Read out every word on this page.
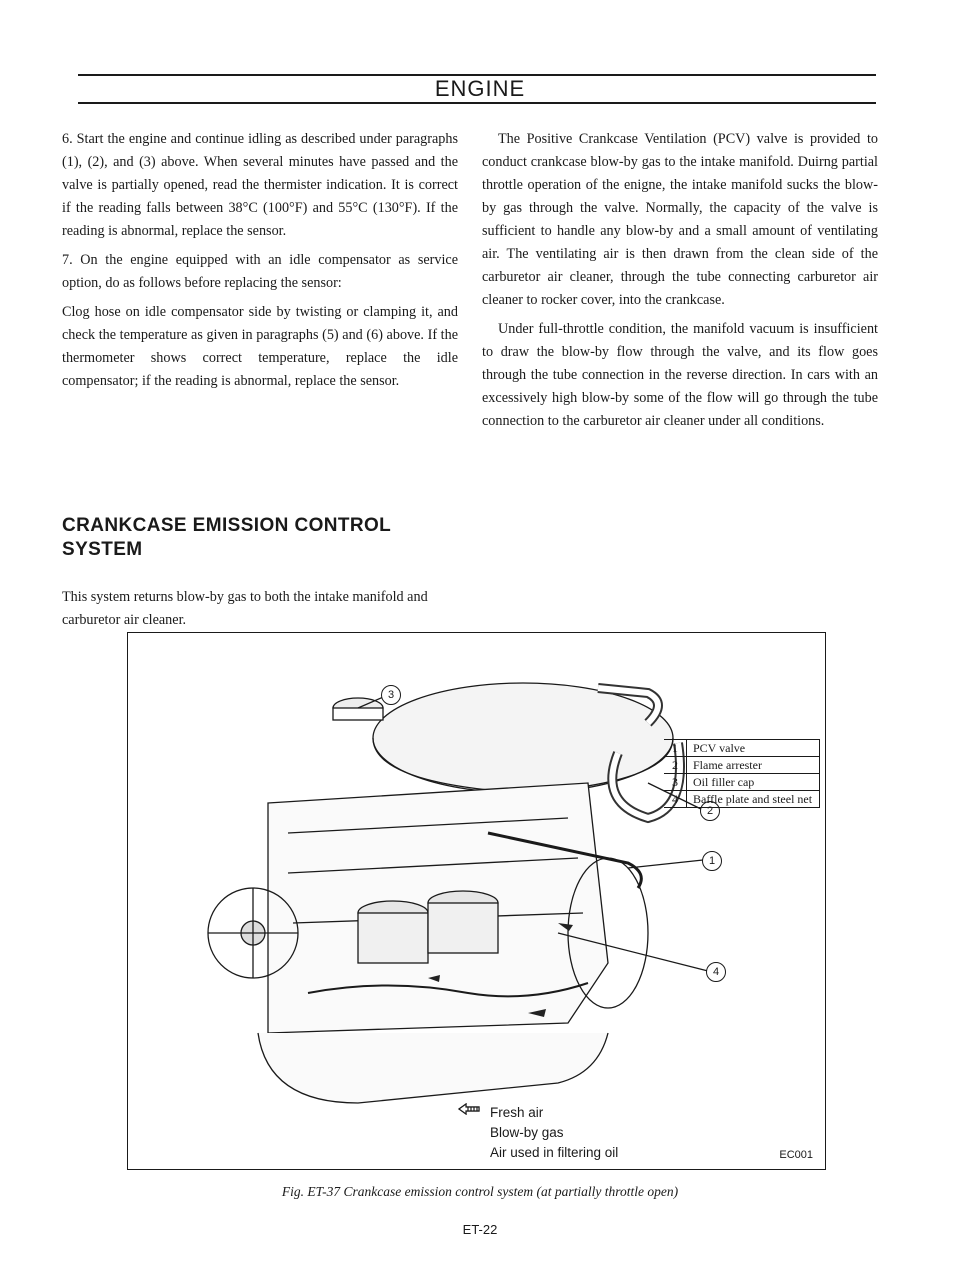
ENGINE

6. Start the engine and continue idling as described under paragraphs (1), (2), and (3) above. When several minutes have passed and the valve is partially opened, read the thermister indication. It is correct if the reading falls between 38°C (100°F) and 55°C (130°F). If the reading is abnormal, replace the sensor.

7. On the engine equipped with an idle compensator as service option, do as follows before replacing the sensor:

Clog hose on idle compensator side by twisting or clamping it, and check the temperature as given in paragraphs (5) and (6) above. If the thermometer shows correct temperature, replace the idle compensator; if the reading is abnormal, replace the sensor.

The Positive Crankcase Ventilation (PCV) valve is provided to conduct crankcase blow-by gas to the intake manifold. Duirng partial throttle operation of the enigne, the intake manifold sucks the blow-by gas through the valve. Normally, the capacity of the valve is sufficient to handle any blow-by and a small amount of ventilating air. The ventilating air is then drawn from the clean side of the carburetor air cleaner, through the tube connecting carburetor air cleaner to rocker cover, into the crankcase.

Under full-throttle condition, the manifold vacuum is insufficient to draw the blow-by flow through the valve, and its flow goes through the tube connection in the reverse direction. In cars with an excessively high blow-by some of the flow will go through the tube connection to the carburetor air cleaner under all conditions.

CRANKCASE EMISSION CONTROL
SYSTEM
This system returns blow-by gas to both the intake manifold and carburetor air cleaner.
3
2
1
4
1	PCV valve
2	Flame arrester
3	Oil filler cap
4	Baffle plate and steel net
Fresh air
Blow-by gas
Air used in filtering oil	EC001
Fig. ET-37 Crankcase emission control system (at partially throttle open)
ET-22
